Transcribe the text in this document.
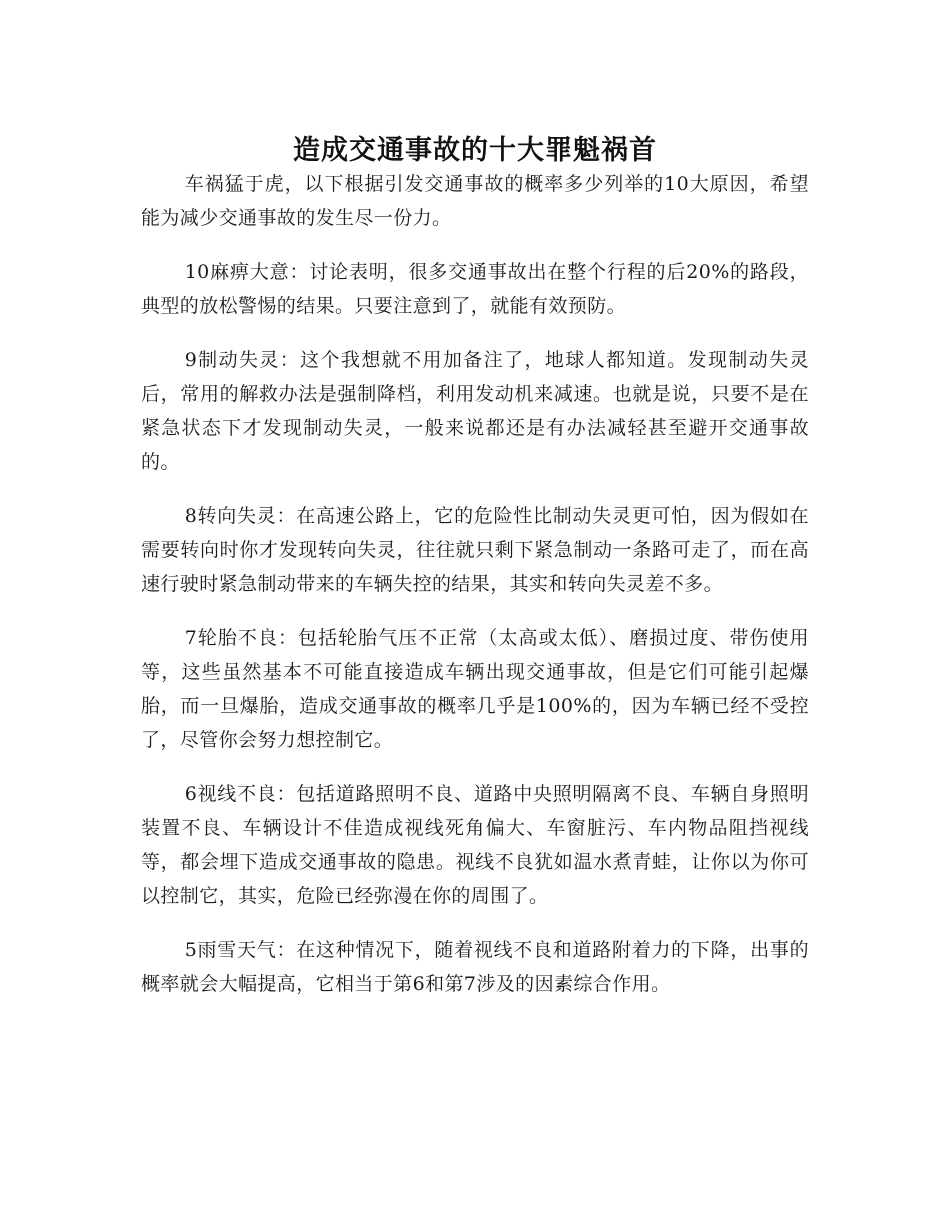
造成交通事故的十大罪魁祸首

车祸猛于虎，以下根据引发交通事故的概率多少列举的10大原因，希望能为减少交通事故的发生尽一份力。

10麻痹大意：讨论表明，很多交通事故出在整个行程的后20%的路段，典型的放松警惕的结果。只要注意到了，就能有效预防。

9制动失灵：这个我想就不用加备注了，地球人都知道。发现制动失灵后，常用的解救办法是强制降档，利用发动机来减速。也就是说，只要不是在紧急状态下才发现制动失灵，一般来说都还是有办法减轻甚至避开交通事故的。

8转向失灵：在高速公路上，它的危险性比制动失灵更可怕，因为假如在需要转向时你才发现转向失灵，往往就只剩下紧急制动一条路可走了，而在高速行驶时紧急制动带来的车辆失控的结果，其实和转向失灵差不多。

7轮胎不良：包括轮胎气压不正常（太高或太低）、磨损过度、带伤使用等，这些虽然基本不可能直接造成车辆出现交通事故，但是它们可能引起爆胎，而一旦爆胎，造成交通事故的概率几乎是100%的，因为车辆已经不受控了，尽管你会努力想控制它。

6视线不良：包括道路照明不良、道路中央照明隔离不良、车辆自身照明装置不良、车辆设计不佳造成视线死角偏大、车窗脏污、车内物品阻挡视线等，都会埋下造成交通事故的隐患。视线不良犹如温水煮青蛙，让你以为你可以控制它，其实，危险已经弥漫在你的周围了。

5雨雪天气：在这种情况下，随着视线不良和道路附着力的下降，出事的概率就会大幅提高，它相当于第6和第7涉及的因素综合作用。
